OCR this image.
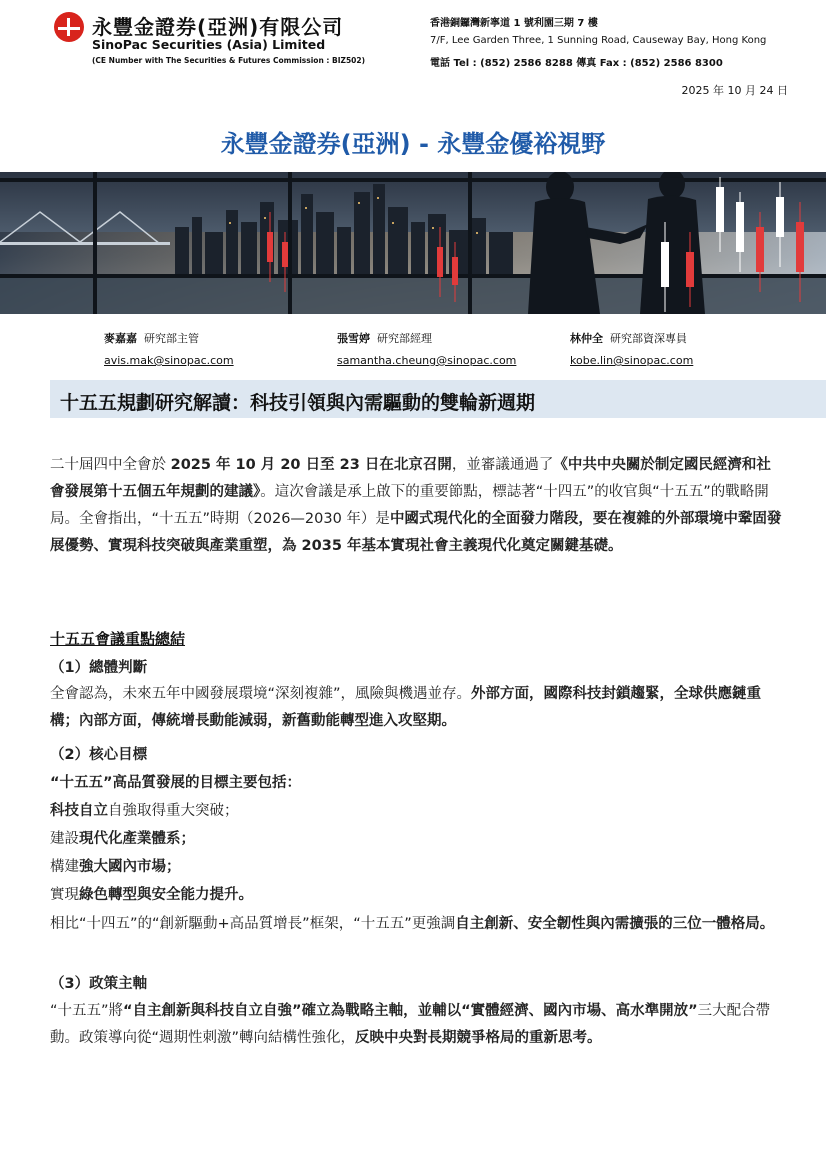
永豐金證券(亞洲)有限公司
SinoPac Securities (Asia) Limited
(CE Number with The Securities & Futures Commission : BIZ502)
香港銅鑼灣新寧道 1 號利園三期 7 樓
7/F, Lee Garden Three, 1 Sunning Road, Causeway Bay, Hong Kong
電話 Tel : (852) 2586 8288 傳真 Fax : (852) 2586 8300
2025 年 10 月 24 日
永豐金證券(亞洲) - 永豐金優裕視野
麥嘉嘉 研究部主管
avis.mak@sinopac.com
張雪婷 研究部經理
samantha.cheung@sinopac.com
林仲全 研究部資深專員
kobe.lin@sinopac.com
十五五規劃研究解讀：科技引領與內需驅動的雙輪新週期
二十屆四中全會於 2025 年 10 月 20 日至 23 日在北京召開，並審議通過了《中共中央關於制定國民經濟和社會發展第十五個五年規劃的建議》。這次會議是承上啟下的重要節點，標誌著“十四五”的收官與“十五五”的戰略開局。全會指出，“十五五”時期（2026—2030 年）是中國式現代化的全面發力階段，要在複雜的外部環境中鞏固發展優勢、實現科技突破與產業重塑，為 2035 年基本實現社會主義現代化奠定關鍵基礎。
十五五會議重點總結
（1）總體判斷
全會認為，未來五年中國發展環境“深刻複雜”，風險與機遇並存。外部方面，國際科技封鎖趨緊，全球供應鏈重構；內部方面，傳統增長動能減弱，新舊動能轉型進入攻堅期。
（2）核心目標
“十五五”高品質發展的目標主要包括：
科技自立自強取得重大突破；
建設現代化產業體系；
構建強大國內市場；
實現綠色轉型與安全能力提升。
相比“十四五”的“創新驅動+高品質增長”框架，“十五五”更強調自主創新、安全韌性與內需擴張的三位一體格局。
（3）政策主軸
“十五五”將“自主創新與科技自立自強”確立為戰略主軸，並輔以“實體經濟、國內市場、高水準開放”三大配合帶動。政策導向從“週期性刺激”轉向結構性強化，反映中央對長期競爭格局的重新思考。
